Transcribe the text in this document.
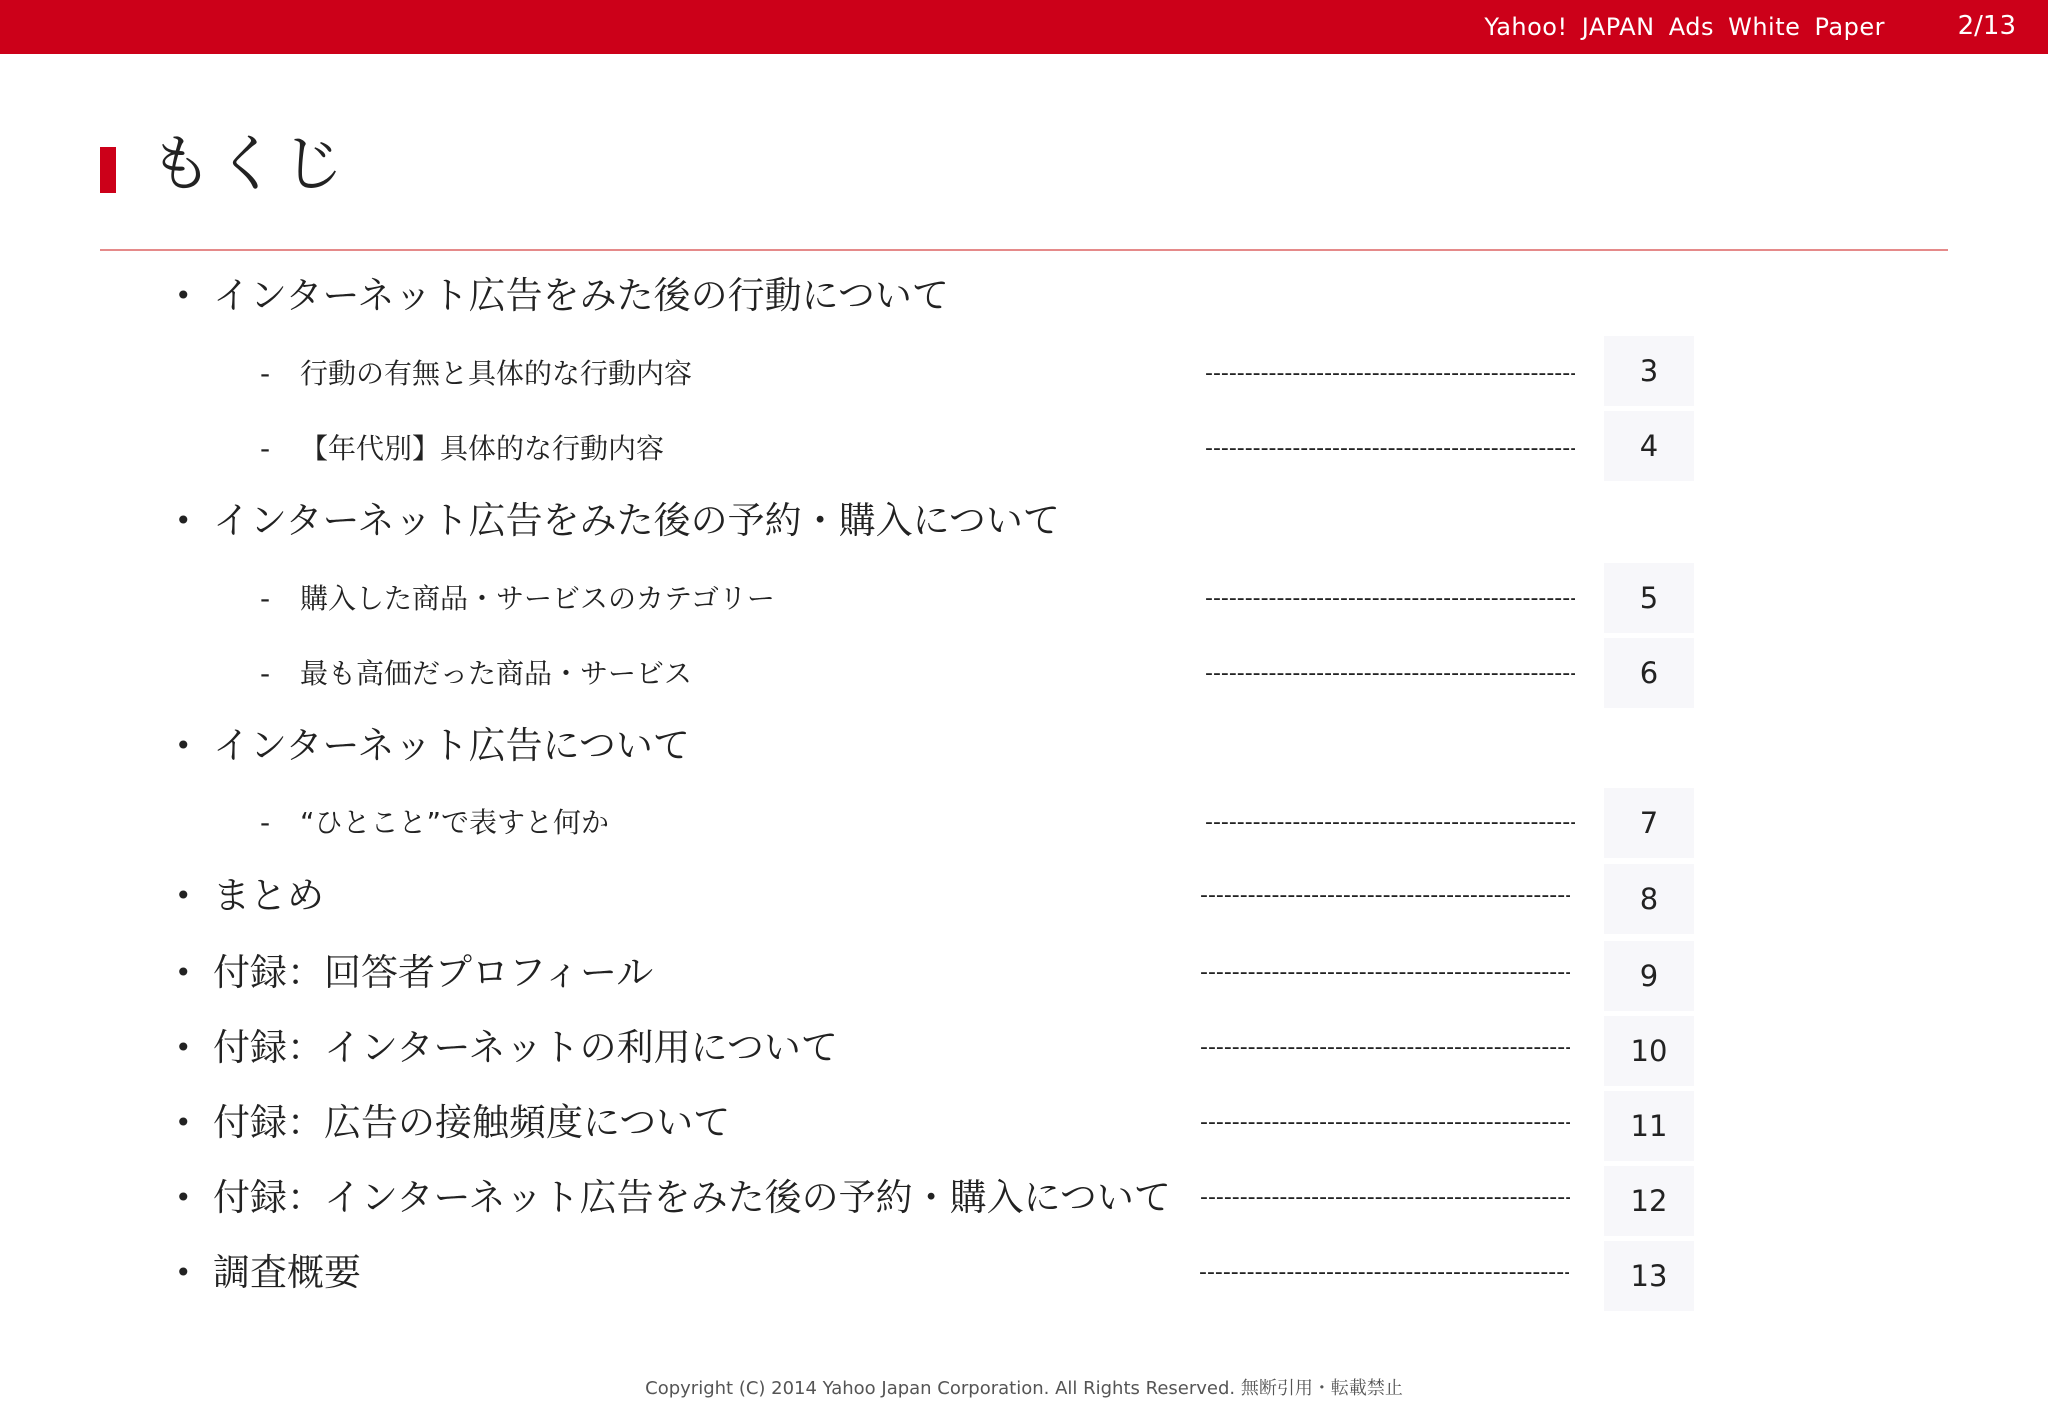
Yahoo! JAPAN Ads White Paper	2/13
もくじ
• インターネット広告をみた後の行動について
- 行動の有無と具体的な行動内容 -----	3
- 【年代別】具体的な行動内容 -----	4
• インターネット広告をみた後の予約・購入について
- 購入した商品・サービスのカテゴリー -----	5
- 最も高価だった商品・サービス -----	6
• インターネット広告について
- “ひとこと”で表すと何か -----	7
• まとめ -----	8
• 付録：回答者プロフィール -----	9
• 付録：インターネットの利用について -----	10
• 付録：広告の接触頻度について -----	11
• 付録：インターネット広告をみた後の予約・購入について -----	12
• 調査概要 -----	13
Copyright (C) 2014 Yahoo Japan Corporation. All Rights Reserved. 無断引用・転載禁止
